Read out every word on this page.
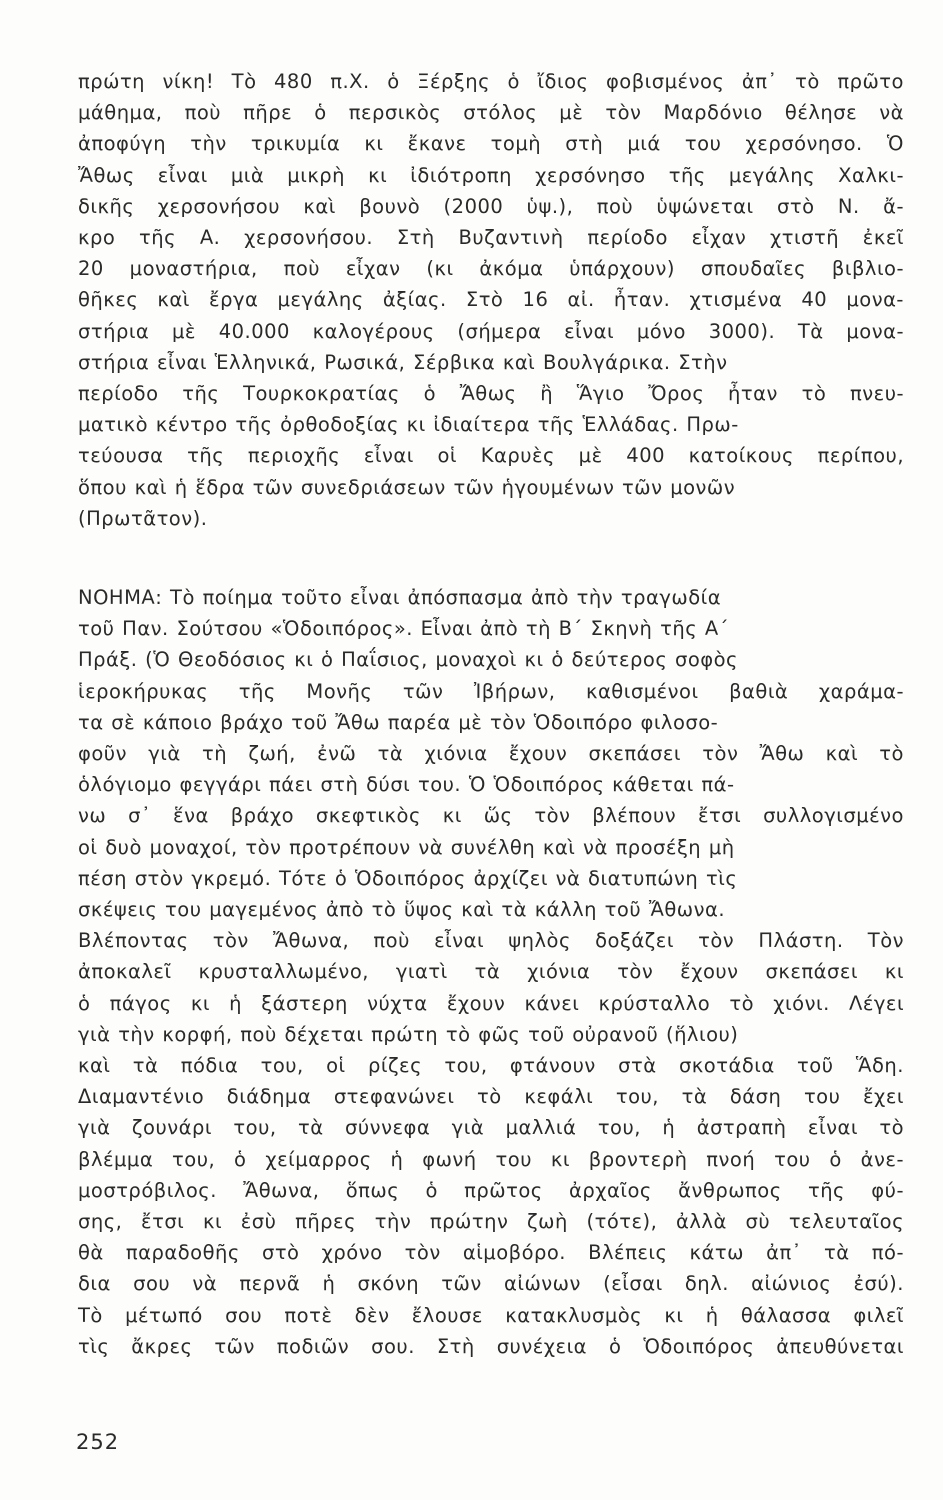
πρώτη νίκη! Τὸ 480 π.Χ. ὁ Ξέρξης ὁ ἴδιος φοβισμένος ἀπ᾽ τὸ πρῶτο
μάθημα, ποὺ πῆρε ὁ περσικὸς στόλος μὲ τὸν Μαρδόνιο θέλησε νὰ
ἀποφύγη τὴν τρικυμία κι ἔκανε τομὴ στὴ μιά του χερσόνησο. Ὁ
Ἄθως εἶναι μιὰ μικρὴ κι ἰδιότροπη χερσόνησο τῆς μεγάλης Χαλκι-
δικῆς χερσονήσου καὶ βουνὸ (2000 ὑψ.), ποὺ ὑψώνεται στὸ Ν. ἄ-
κρο τῆς Α. χερσονήσου. Στὴ Βυζαντινὴ περίοδο εἶχαν χτιστῆ ἐκεῖ
20 μοναστήρια, ποὺ εἶχαν (κι ἀκόμα ὑπάρχουν) σπουδαῖες βιβλιο-
θῆκες καὶ ἔργα μεγάλης ἀξίας. Στὸ 16 αἰ. ἦταν. χτισμένα 40 μονα-
στήρια μὲ 40.000 καλογέρους (σήμερα εἶναι μόνο 3000). Τὰ μονα-
στήρια εἶναι Ἑλληνικά, Ρωσικά, Σέρβικα καὶ Βουλγάρικα. Στὴν
περίοδο τῆς Τουρκοκρατίας ὁ Ἄθως ἢ Ἅγιο Ὄρος ἦταν τὸ πνευ-
ματικὸ κέντρο τῆς ὀρθοδοξίας κι ἰδιαίτερα τῆς Ἑλλάδας. Πρω-
τεύουσα τῆς περιοχῆς εἶναι οἱ Καρυὲς μὲ 400 κατοίκους περίπου,
ὅπου καὶ ἡ ἕδρα τῶν συνεδριάσεων τῶν ἡγουμένων τῶν μονῶν
(Πρωτᾶτον).
ΝΟΗΜΑ: Τὸ ποίημα τοῦτο εἶναι ἀπόσπασμα ἀπὸ τὴν τραγωδία
τοῦ Παν. Σούτσου «Ὁδοιπόρος». Εἶναι ἀπὸ τὴ Β΄ Σκηνὴ τῆς Α΄
Πράξ. (Ὁ Θεοδόσιος κι ὁ Παΐσιος, μοναχοὶ κι ὁ δεύτερος σοφὸς
ἱεροκήρυκας τῆς Μονῆς τῶν Ἰβήρων, καθισμένοι βαθιὰ χαράμα-
τα σὲ κάποιο βράχο τοῦ Ἄθω παρέα μὲ τὸν Ὁδοιπόρο φιλοσο-
φοῦν γιὰ τὴ ζωή, ἐνῶ τὰ χιόνια ἔχουν σκεπάσει τὸν Ἄθω καὶ τὸ
ὁλόγιομο φεγγάρι πάει στὴ δύσι του. Ὁ Ὁδοιπόρος κάθεται πά-
νω σ᾽ ἕνα βράχο σκεφτικὸς κι ὥς τὸν βλέπουν ἔτσι συλλογισμένο
οἱ δυὸ μοναχοί, τὸν προτρέπουν νὰ συνέλθη καὶ νὰ προσέξη μὴ
πέση στὸν γκρεμό. Τότε ὁ Ὁδοιπόρος ἀρχίζει νὰ διατυπώνη τὶς
σκέψεις του μαγεμένος ἀπὸ τὸ ὕψος καὶ τὰ κάλλη τοῦ Ἄθωνα.
Βλέποντας τὸν Ἄθωνα, ποὺ εἶναι ψηλὸς δοξάζει τὸν Πλάστη. Τὸν
ἀποκαλεῖ κρυσταλλωμένο, γιατὶ τὰ χιόνια τὸν ἔχουν σκεπάσει κι
ὁ πάγος κι ἡ ξάστερη νύχτα ἔχουν κάνει κρύσταλλο τὸ χιόνι. Λέγει
γιὰ τὴν κορφή, ποὺ δέχεται πρώτη τὸ φῶς τοῦ οὐρανοῦ (ἥλιου)
καὶ τὰ πόδια του, οἱ ρίζες του, φτάνουν στὰ σκοτάδια τοῦ Ἅδη.
Διαμαντένιο διάδημα στεφανώνει τὸ κεφάλι του, τὰ δάση του ἔχει
γιὰ ζουνάρι του, τὰ σύννεφα γιὰ μαλλιά του, ἡ ἀστραπὴ εἶναι τὸ
βλέμμα του, ὁ χείμαρρος ἡ φωνή του κι βροντερὴ πνοή του ὁ ἀνε-
μοστρόβιλος. Ἄθωνα, ὅπως ὁ πρῶτος ἀρχαῖος ἄνθρωπος τῆς φύ-
σης, ἔτσι κι ἐσὺ πῆρες τὴν πρώτην ζωὴ (τότε), ἀλλὰ σὺ τελευταῖος
θὰ παραδοθῆς στὸ χρόνο τὸν αἱμοβόρο. Βλέπεις κάτω ἀπ᾽ τὰ πό-
δια σου νὰ περνᾶ ἡ σκόνη τῶν αἰώνων (εἶσαι δηλ. αἰώνιος ἐσύ).
Τὸ μέτωπό σου ποτὲ δὲν ἔλουσε κατακλυσμὸς κι ἡ θάλασσα φιλεῖ
τὶς ἄκρες τῶν ποδιῶν σου. Στὴ συνέχεια ὁ Ὁδοιπόρος ἀπευθύνεται
252
